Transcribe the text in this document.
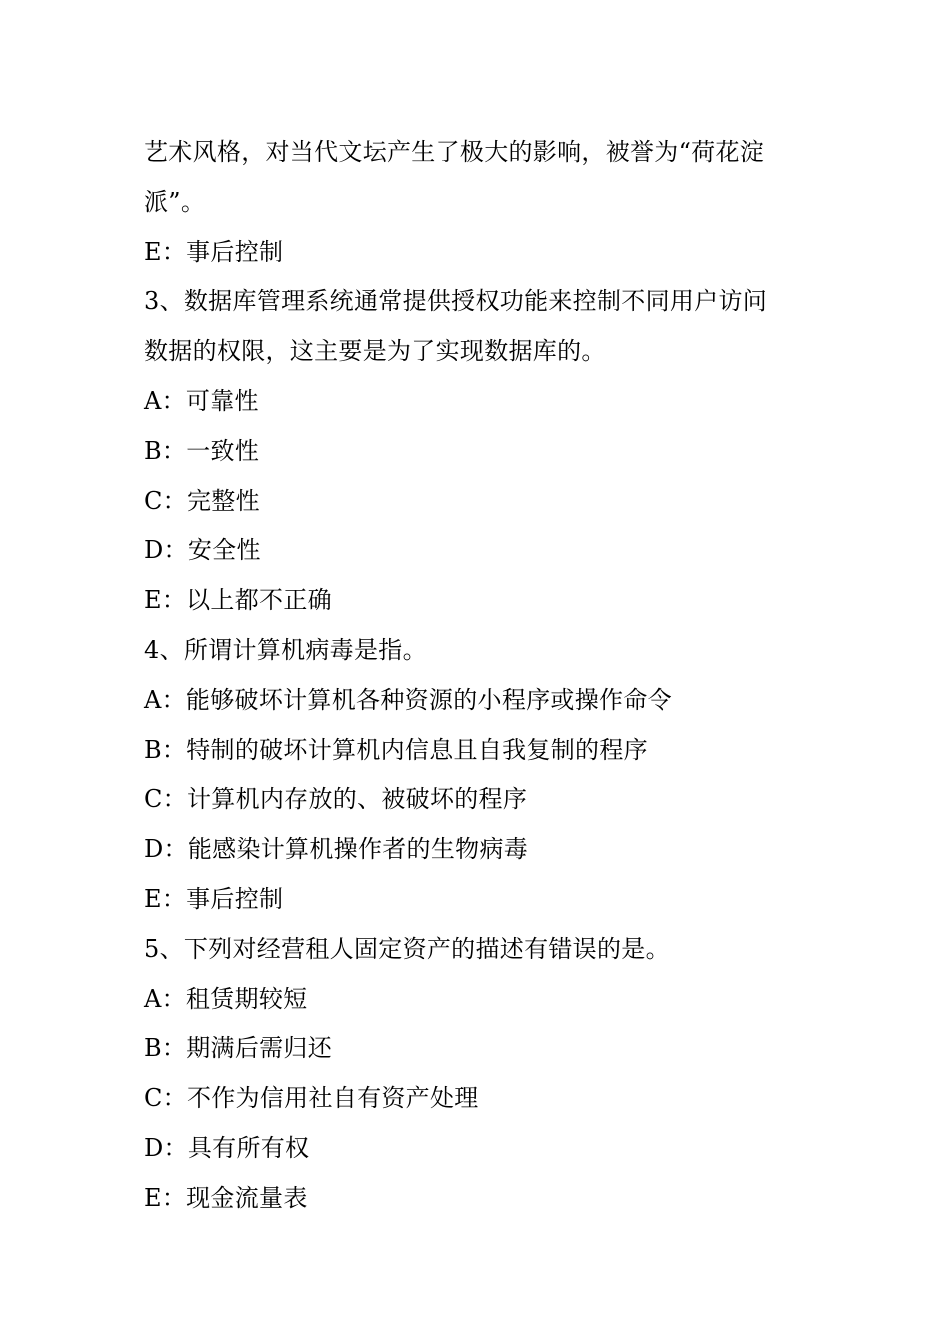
艺术风格，对当代文坛产生了极大的影响，被誉为“荷花淀
派”。
E：事后控制
3、数据库管理系统通常提供授权功能来控制不同用户访问
数据的权限，这主要是为了实现数据库的。
A：可靠性
B：一致性
C：完整性
D：安全性
E：以上都不正确
4、所谓计算机病毒是指。
A：能够破坏计算机各种资源的小程序或操作命令
B：特制的破坏计算机内信息且自我复制的程序
C：计算机内存放的、被破坏的程序
D：能感染计算机操作者的生物病毒
E：事后控制
5、下列对经营租人固定资产的描述有错误的是。
A：租赁期较短
B：期满后需归还
C：不作为信用社自有资产处理
D：具有所有权
E：现金流量表
